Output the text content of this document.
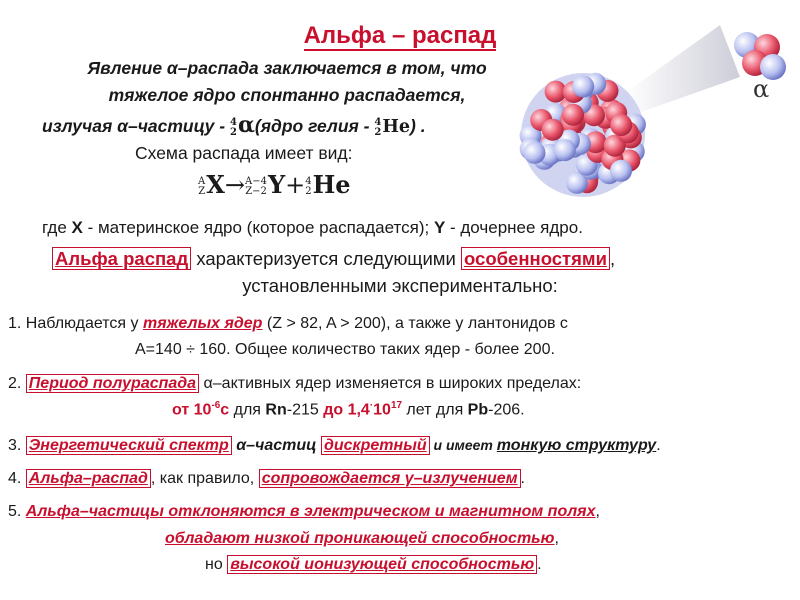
Альфа – распад
Явление α–распада заключается в том, что
тяжелое ядро спонтанно распадается,
излучая α–частицу - 4
2 α(ядро гелия - 4
2 He) .
Схема распада имеет вид:
A
Z X→ A−4
Z−2 Y+ 4
2 He
α
где X - материнское ядро (которое распадается); Y - дочернее ядро.
Альфа распад характеризуется следующими особенностями ,
установленными экспериментально:
1. Наблюдается у тяжелых ядер (Z > 82, A > 200), а также у лантонидов с
A=140 ÷ 160. Общее количество таких ядер - более 200.
2. Период полураспада α–активных ядер изменяется в широких пределах:
от $10^{-6}с$ для Rn-215 до $1,4^\cdot 10^{17}$ лет для Pb-206.
3. Энергетический спектр α–частиц дискретный и имеет тонкую структуру.
4. Альфа–распад , как правило, сопровождается γ–излучением .
5. Альфа–частицы отклоняются в электрическом и магнитном полях,
обладают низкой проникающей способностью,
но высокой ионизующей способностью .
